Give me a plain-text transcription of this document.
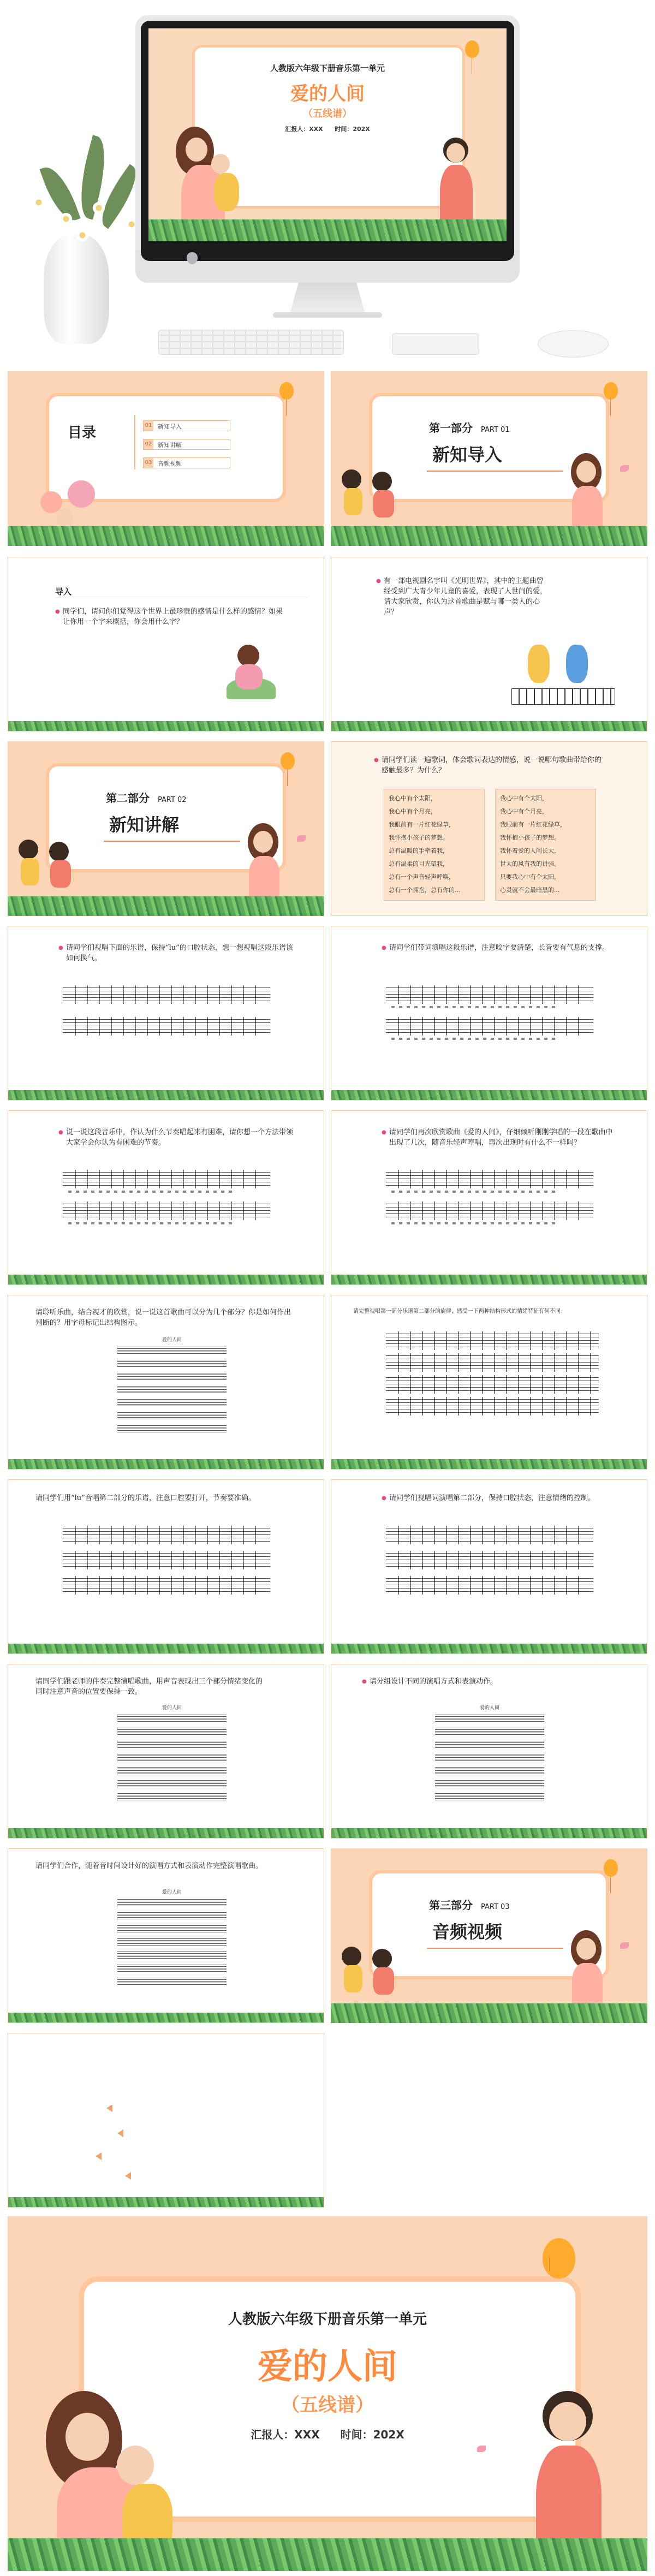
人教版六年级下册音乐第一单元
爱的人间
（五线谱）
汇报人：XXX 时间：202X
目录	01 新知导入
02 新知讲解
03 音频视频
第一部分 PART 01
新知导入
导入
● 同学们，请问你们觉得这个世界上最珍贵的感情是什么样的感情？如果让你用一个字来概括，你会用什么字？
● 有一部电视剧名字叫《光明世界》，其中的主题曲曾经受到广大青少年儿童的喜爱，表现了人世间的爱，请大家欣赏，你认为这首歌曲是赋与哪一类人的心声？
第二部分 PART 02
新知讲解
● 请同学们读一遍歌词，体会歌词表达的情感，说一说哪句歌曲带给你的感触最多？为什么？
我心中有个太阳，
我心中有个月亮，
我眼前有一片红花绿草，
我怀抱小孩子的梦想。
总有温暖的手牵着我，
总有温柔的目光望我，
总有一个声音轻声呼唤，
总有一个拥抱，总有你的...
我心中有个太阳，
我心中有个月亮，
我眼前有一片红花绿草，
我怀抱小孩子的梦想。
我怀着爱的人间长大，
世大的风有我的讲强。
只要我心中有个太阳，
心灵就不会最暗黑的...
● 请同学们视唱下面的乐谱，保持“lu”的口腔状态，想一想视唱这段乐谱该如何换气。
● 请同学们带词演唱这段乐谱，注意咬字要清楚，长音要有气息的支撑。
● 说一说这段音乐中，作认为什么节奏唱起来有困难，请你想一个方法带领大家学会你认为有困难的节奏。
● 请同学们再次欣赏歌曲《爱的人间》，仔细倾听刚刚学唱的一段在歌曲中出现了几次，随音乐轻声哼唱，再次出现时有什么不一样吗？
请聆听乐曲，结合视才的欣赏，说一说这首歌曲可以分为几个部分？你是如何作出判断的？用字母标记出结构图示。
爱的人间
请完整视唱第一部分乐谱第二部分的旋律，感受一下两种结构形式的情绪特征有何不同。
请同学们用“lu”音唱第二部分的乐谱，注意口腔要打开，节奏要准确。
●	请同学们视唱词演唱第二部分，保持口腔状态，注意情绪的控制。
请同学们跟老师的伴奏完整演唱歌曲，用声音表现出三个部分情绪变化的同时注意声音的位置要保持一致。
爱的人间
● 请分组设计不同的演唱方式和表演动作。
爱的人间
请同学们合作，随着音时间设计好的演唱方式和表演动作完整演唱歌曲。
爱的人间
第三部分 PART 03
音频视频
人教版六年级下册音乐第一单元
爱的人间
（五线谱）
汇报人：XXX 时间：202X
